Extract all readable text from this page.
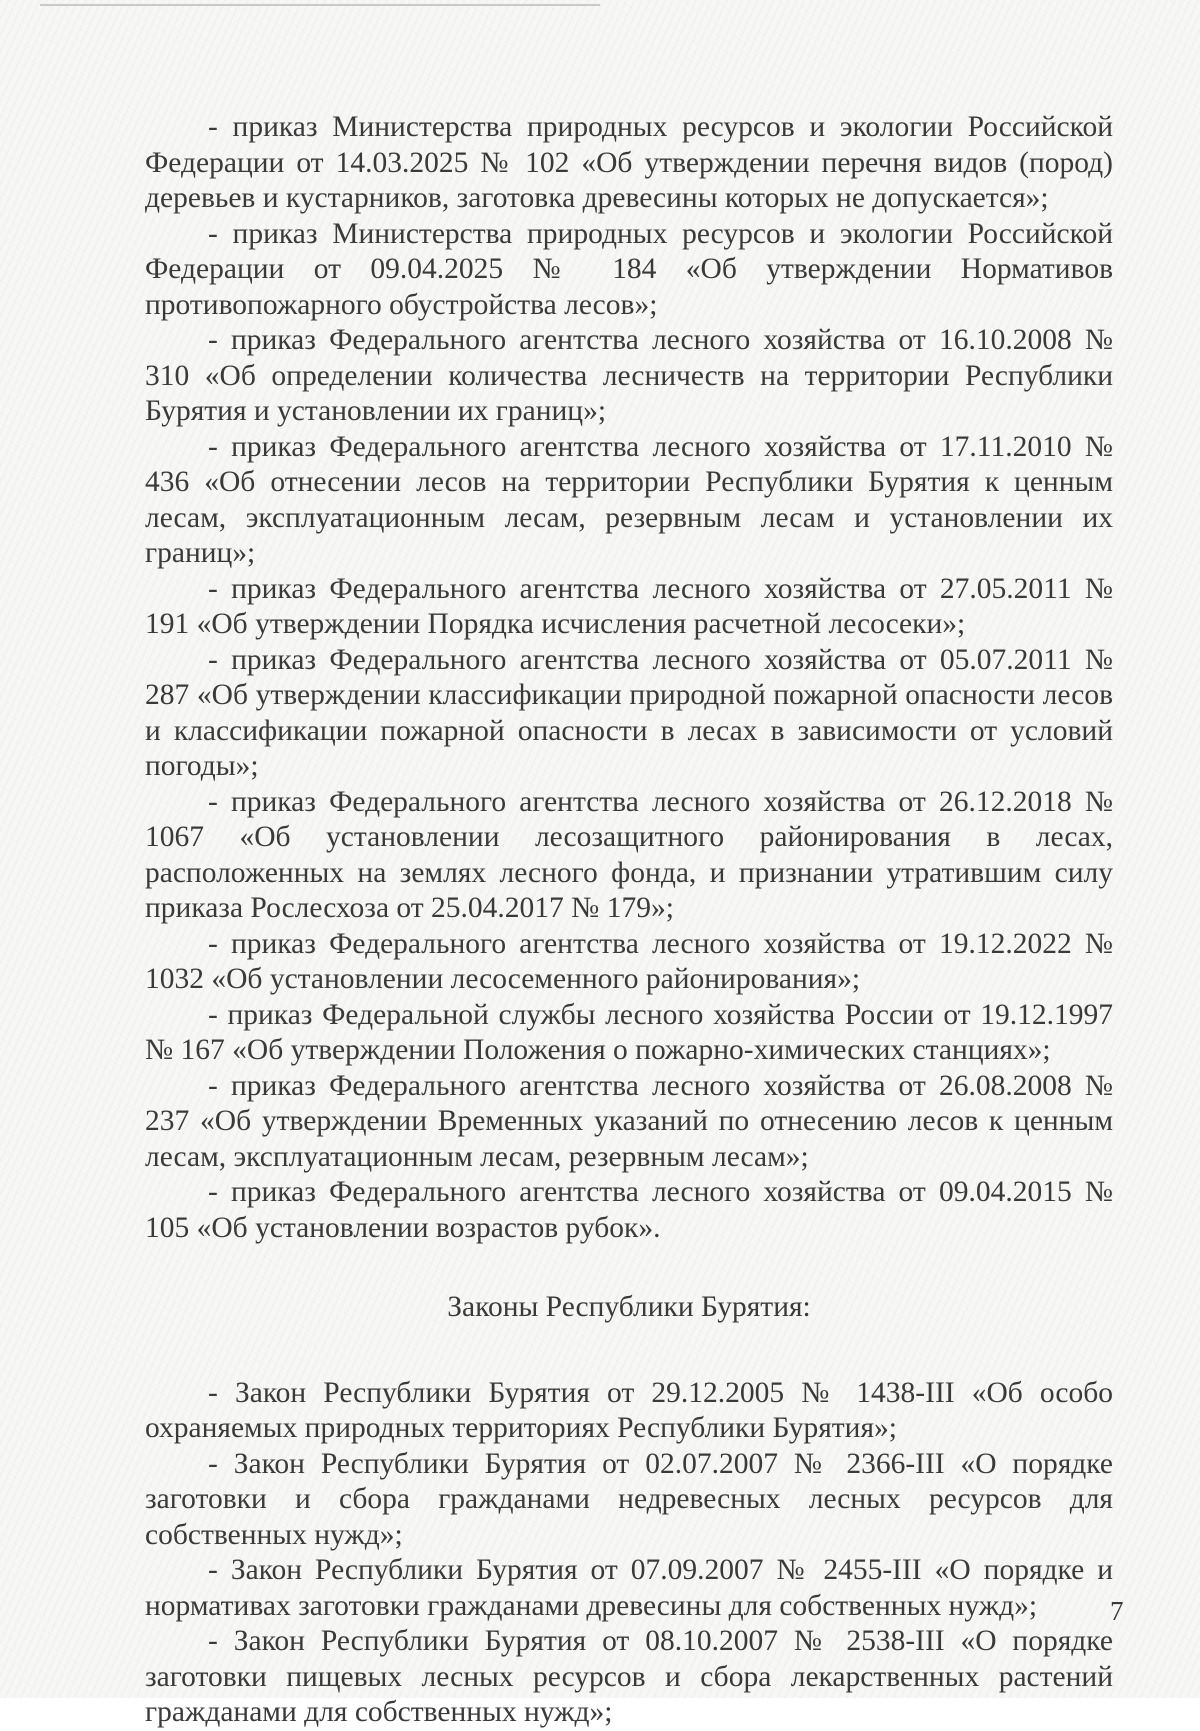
- приказ Министерства природных ресурсов и экологии Российской Федерации от 14.03.2025 № 102 «Об утверждении перечня видов (пород) деревьев и кустарников, заготовка древесины которых не допускается»;

- приказ Министерства природных ресурсов и экологии Российской Федерации от 09.04.2025 № 184 «Об утверждении Нормативов противопожарного обустройства лесов»;

- приказ Федерального агентства лесного хозяйства от 16.10.2008 № 310 «Об определении количества лесничеств на территории Республики Бурятия и установлении их границ»;

- приказ Федерального агентства лесного хозяйства от 17.11.2010 № 436 «Об отнесении лесов на территории Республики Бурятия к ценным лесам, эксплуатационным лесам, резервным лесам и установлении их границ»;

- приказ Федерального агентства лесного хозяйства от 27.05.2011 № 191 «Об утверждении Порядка исчисления расчетной лесосеки»;

- приказ Федерального агентства лесного хозяйства от 05.07.2011 № 287 «Об утверждении классификации природной пожарной опасности лесов и классификации пожарной опасности в лесах в зависимости от условий погоды»;

- приказ Федерального агентства лесного хозяйства от 26.12.2018 № 1067 «Об установлении лесозащитного районирования в лесах, расположенных на землях лесного фонда, и признании утратившим силу приказа Рослесхоза от 25.04.2017 № 179»;

- приказ Федерального агентства лесного хозяйства от 19.12.2022 № 1032 «Об установлении лесосеменного районирования»;

- приказ Федеральной службы лесного хозяйства России от 19.12.1997 № 167 «Об утверждении Положения о пожарно-химических станциях»;

- приказ Федерального агентства лесного хозяйства от 26.08.2008 № 237 «Об утверждении Временных указаний по отнесению лесов к ценным лесам, эксплуатационным лесам, резервным лесам»;

- приказ Федерального агентства лесного хозяйства от 09.04.2015 № 105 «Об установлении возрастов рубок».

Законы Республики Бурятия:

- Закон Республики Бурятия от 29.12.2005 № 1438-III «Об особо охраняемых природных территориях Республики Бурятия»;

- Закон Республики Бурятия от 02.07.2007 № 2366-III «О порядке заготовки и сбора гражданами недревесных лесных ресурсов для собственных нужд»;

- Закон Республики Бурятия от 07.09.2007 № 2455-III «О порядке и нормативах заготовки гражданами древесины для собственных нужд»;

- Закон Республики Бурятия от 08.10.2007 № 2538-III «О порядке заготовки пищевых лесных ресурсов и сбора лекарственных растений гражданами для собственных нужд»;

7
